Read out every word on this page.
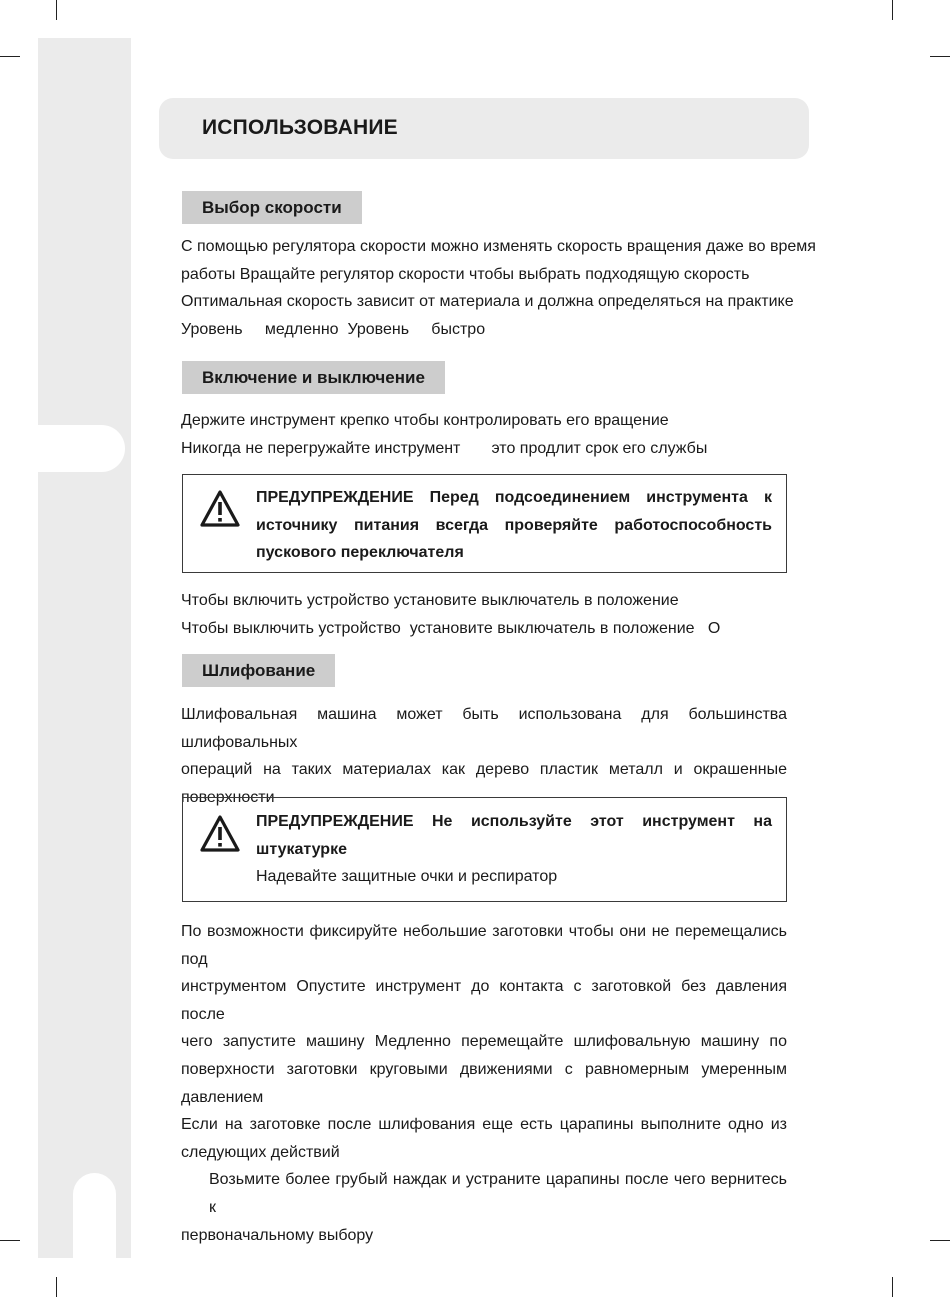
ИСПОЛЬЗОВАНИЕ
Выбор скорости

С помощью регулятора скорости можно изменять скорость вращения даже во время
работы Вращайте регулятор скорости чтобы выбрать подходящую скорость
Оптимальная скорость зависит от материала и должна определяться на практике
Уровень     медленно  Уровень     быстро

Включение и выключение

Держите инструмент крепко чтобы контролировать его вращение
Никогда не перегружайте инструмент       это продлит срок его службы

ПРЕДУПРЕЖДЕНИЕ Перед подсоединением инструмента к
источнику питания всегда проверяйте работоспособность
пускового переключателя

Чтобы включить устройство установите выключатель в положение
Чтобы выключить устройство  установите выключатель в положение   О

Шлифование
Шлифовальная машина может быть использована для большинства шлифовальных
операций на таких материалах как дерево пластик металл и окрашенные
поверхности
ПРЕДУПРЕЖДЕНИЕ Не используйте этот инструмент на
штукатурке
Надевайте защитные очки и респиратор
По возможности фиксируйте небольшие заготовки чтобы они не перемещались под
инструментом Опустите инструмент до контакта с заготовкой без давления после
чего запустите машину Медленно перемещайте шлифовальную машину по
поверхности заготовки круговыми движениями с равномерным умеренным
давлением
Если на заготовке после шлифования еще есть царапины выполните одно из
следующих действий
Возьмите более грубый наждак и устраните царапины после чего вернитесь к
первоначальному выбору
